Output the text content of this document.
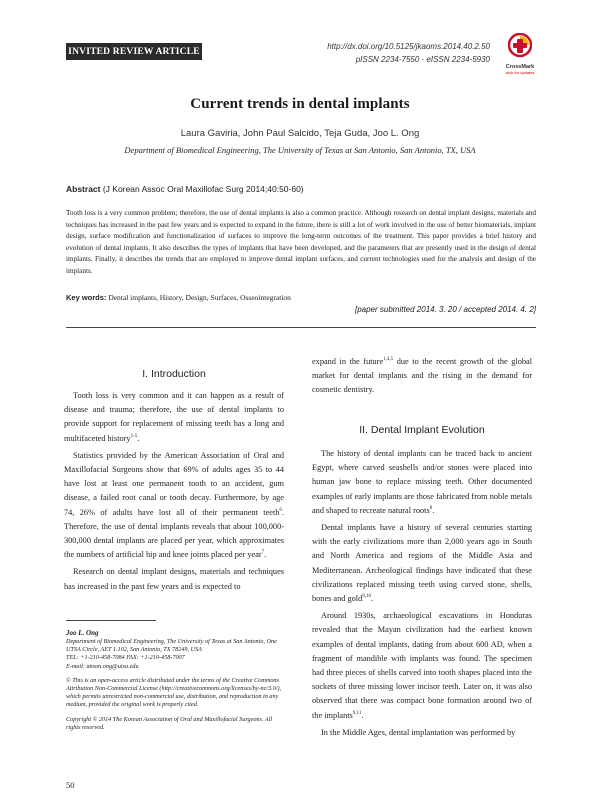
INVITED REVIEW ARTICLE	http://dx.doi.org/10.5125/jkaoms.2014.40.2.50
pISSN 2234-7550 · eISSN 2234-5930
CrossMark
click for updates
Current trends in dental implants
Laura Gaviria, John Paul Salcido, Teja Guda, Joo L. Ong
Department of Biomedical Engineering, The University of Texas at San Antonio, San Antonio, TX, USA
Abstract (J Korean Assoc Oral Maxillofac Surg 2014;40:50-60)
Tooth loss is a very common problem; therefore, the use of dental implants is also a common practice. Although research on dental implant designs, materials and techniques has increased in the past few years and is expected to expand in the future, there is still a lot of work involved in the use of better biomaterials, implant design, surface modification and functionalization of surfaces to improve the long-term outcomes of the treatment. This paper provides a brief history and evolution of dental implants. It also describes the types of implants that have been developed, and the parameters that are presently used in the design of dental implants. Finally, it describes the trends that are employed to improve dental implant surfaces, and current technologies used for the analysis and design of the implants.
Key words: Dental implants, History, Design, Surfaces, Osseointegration
[paper submitted 2014. 3. 20 / accepted 2014. 4. 2]
I. Introduction

Tooth loss is very common and it can happen as a result of disease and trauma; therefore, the use of dental implants to provide support for replacement of missing teeth has a long and multifaceted history$^{1-5}$.

Statistics provided by the American Association of Oral and Maxillofacial Surgeons show that 69% of adults ages 35 to 44 have lost at least one permanent tooth to an accident, gum disease, a failed root canal or tooth decay. Furthermore, by age 74, 26% of adults have lost all of their permanent teeth$^6$. Therefore, the use of dental implants reveals that about 100,000-300,000 dental implants are placed per year, which approximates the numbers of artificial hip and knee joints placed per year$^7$.

Research on dental implant designs, materials and techniques has increased in the past few years and is expected to

expand in the future$^{1,4,5}$ due to the recent growth of the global market for dental implants and the rising in the demand for cosmetic dentistry.

II. Dental Implant Evolution

The history of dental implants can be traced back to ancient Egypt, where carved seashells and/or stones were placed into human jaw bone to replace missing teeth. Other documented examples of early implants are those fabricated from noble metals and shaped to recreate natural roots$^8$.

Dental implants have a history of several centuries starting with the early civilizations more than 2,000 years ago in South and North America and regions of the Middle Asia and Mediterranean. Archeological findings have indicated that these civilizations replaced missing teeth using carved stone, shells, bones and gold$^{9,10}$.

Around 1930s, archaeological excavations in Honduras revealed that the Mayan civilization had the earliest known examples of dental implants, dating from about 600 AD, when a fragment of mandible with implants was found. The specimen had three pieces of shells carved into tooth shapes placed into the sockets of three missing lower incisor teeth. Later on, it was also observed that there was compact bone formation around two of the implants$^{9,11}$.

In the Middle Ages, dental implantation was performed by

Joo L. Ong
Department of Biomedical Engineering, The University of Texas at San Antonio, One UTSA Circle, AET 1.102, San Antonio, TX 78249, USA
TEL: +1-210-458-7084 FAX: +1-210-458-7007
E-mail: anson.ong@utsa.edu
© This is an open-access article distributed under the terms of the Creative Commons Attribution Non-Commercial License (http://creativecommons.org/licenses/by-nc/3.0/), which permits unrestricted non-commercial use, distribution, and reproduction in any medium, provided the original work is properly cited.
Copyright © 2014 The Korean Association of Oral and Maxillofacial Surgeons. All rights reserved.
50
